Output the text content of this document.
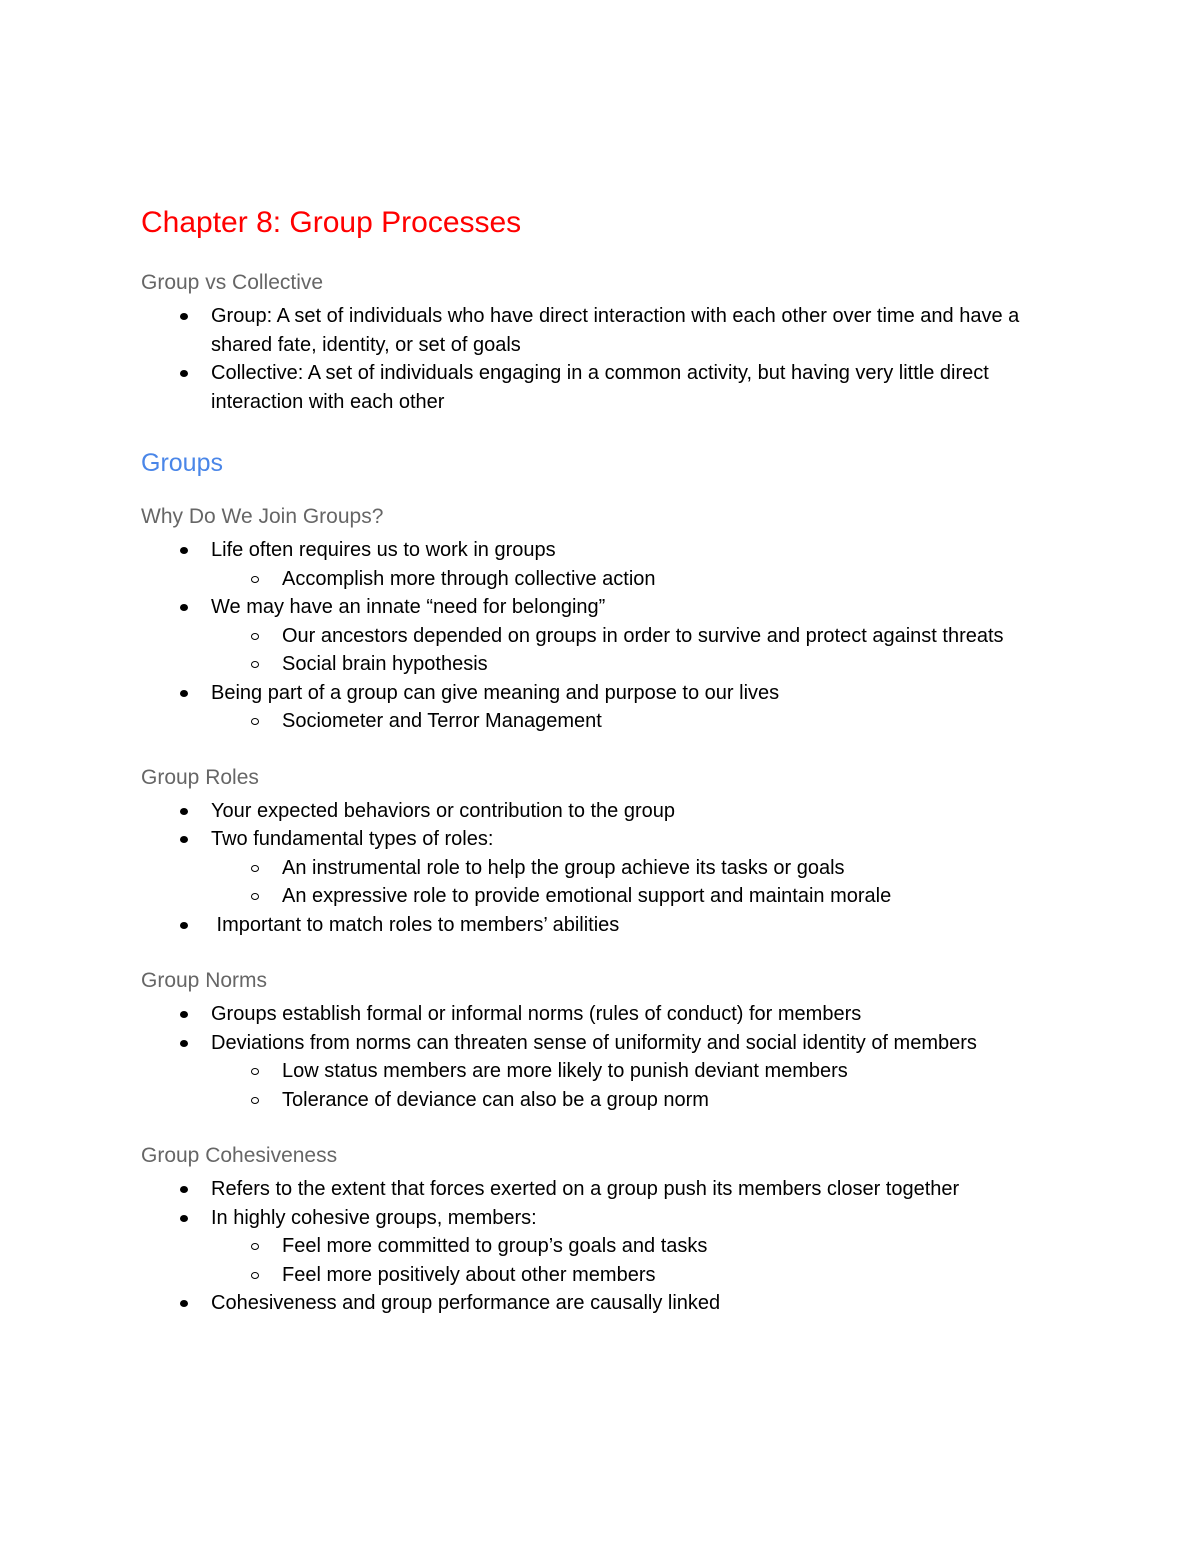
Chapter 8: Group Processes
Group vs Collective
Group: A set of individuals who have direct interaction with each other over time and have a shared fate, identity, or set of goals
Collective: A set of individuals engaging in a common activity, but having very little direct interaction with each other
Groups
Why Do We Join Groups?
Life often requires us to work in groups
Accomplish more through collective action
We may have an innate “need for belonging”
Our ancestors depended on groups in order to survive and protect against threats
Social brain hypothesis
Being part of a group can give meaning and purpose to our lives
Sociometer and Terror Management
Group Roles
Your expected behaviors or contribution to the group
Two fundamental types of roles:
An instrumental role to help the group achieve its tasks or goals
An expressive role to provide emotional support and maintain morale
Important to match roles to members’ abilities
Group Norms
Groups establish formal or informal norms (rules of conduct) for members
Deviations from norms can threaten sense of uniformity and social identity of members
Low status members are more likely to punish deviant members
Tolerance of deviance can also be a group norm
Group Cohesiveness
Refers to the extent that forces exerted on a group push its members closer together
In highly cohesive groups, members:
Feel more committed to group’s goals and tasks
Feel more positively about other members
Cohesiveness and group performance are causally linked
